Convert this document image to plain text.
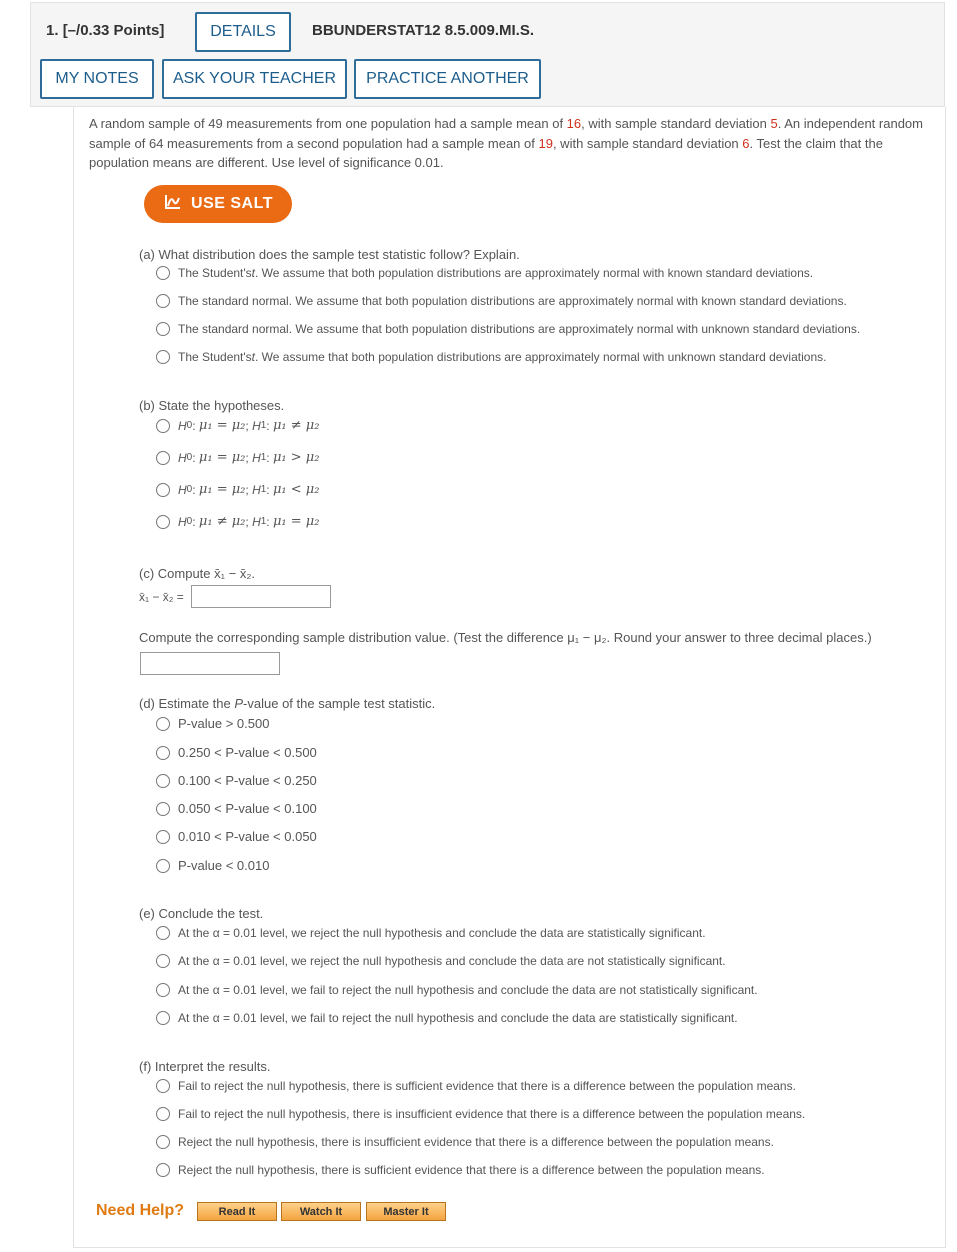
1. [–/0.33 Points]	DETAILS	BBUNDERSTAT12 8.5.009.MI.S.
MY NOTES	ASK YOUR TEACHER	PRACTICE ANOTHER
A random sample of 49 measurements from one population had a sample mean of 16, with sample standard deviation 5. An independent random sample of 64 measurements from a second population had a sample mean of 19, with sample standard deviation 6. Test the claim that the population means are different. Use level of significance 0.01.
USE SALT
(a) What distribution does the sample test statistic follow? Explain.
The Student's t . We assume that both population distributions are approximately normal with known standard deviations.
The standard normal. We assume that both population distributions are approximately normal with known standard deviations.
The standard normal. We assume that both population distributions are approximately normal with unknown standard deviations.
The Student's t . We assume that both population distributions are approximately normal with unknown standard deviations.
(b) State the hypotheses.
H 0 : μ₁ = μ₂ ; H 1 : μ₁ ≠ μ₂
H 0 : μ₁ = μ₂ ; H 1 : μ₁ > μ₂
H 0 : μ₁ = μ₂ ; H 1 : μ₁ < μ₂
H 0 : μ₁ ≠ μ₂ ; H 1 : μ₁ = μ₂
(c) Compute x̄₁ − x̄₂.
x̄₁ − x̄₂ =
Compute the corresponding sample distribution value. (Test the difference μ₁ − μ₂. Round your answer to three decimal places.)
(d) Estimate the P-value of the sample test statistic.
P-value > 0.500
0.250 < P-value < 0.500
0.100 < P-value < 0.250
0.050 < P-value < 0.100
0.010 < P-value < 0.050
P-value < 0.010
(e) Conclude the test.
At the α = 0.01 level, we reject the null hypothesis and conclude the data are statistically significant.
At the α = 0.01 level, we reject the null hypothesis and conclude the data are not statistically significant.
At the α = 0.01 level, we fail to reject the null hypothesis and conclude the data are not statistically significant.
At the α = 0.01 level, we fail to reject the null hypothesis and conclude the data are statistically significant.
(f) Interpret the results.
Fail to reject the null hypothesis, there is sufficient evidence that there is a difference between the population means.
Fail to reject the null hypothesis, there is insufficient evidence that there is a difference between the population means.
Reject the null hypothesis, there is insufficient evidence that there is a difference between the population means.
Reject the null hypothesis, there is sufficient evidence that there is a difference between the population means.
Need Help?	Read It	Watch It	Master It
